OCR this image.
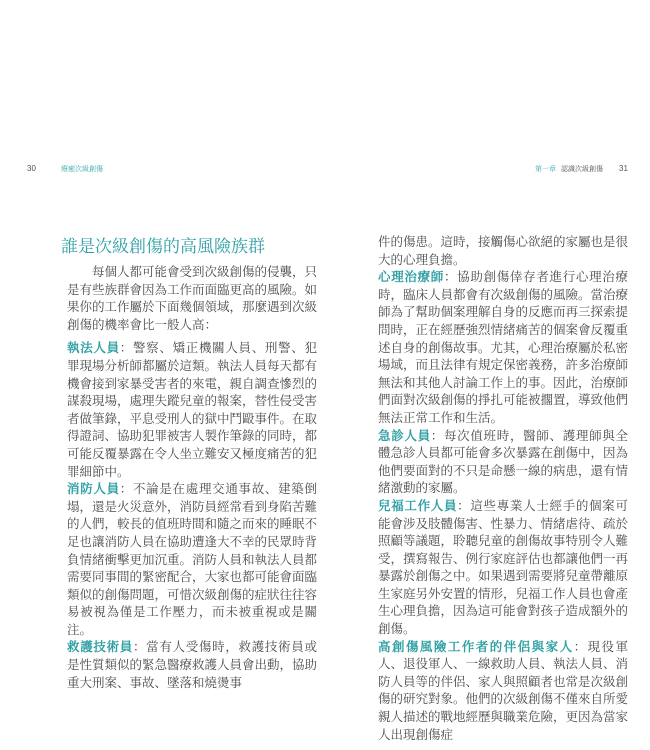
30	療癒次級創傷
誰是次級創傷的高風險族群

每個人都可能會受到次級創傷的侵襲，只是有些族群會因為工作而面臨更高的風險。如果你的工作屬於下面幾個領域，那麼遇到次級創傷的機率會比一般人高：

執法人員：警察、矯正機關人員、刑警、犯罪現場分析師都屬於這類。執法人員每天都有機會接到家暴受害者的來電，親自調查慘烈的謀殺現場，處理失蹤兒童的報案，替性侵受害者做筆錄，平息受刑人的獄中鬥毆事件。在取得證詞、協助犯罪被害人製作筆錄的同時，都可能反覆暴露在令人坐立難安又極度痛苦的犯罪細節中。

消防人員：不論是在處理交通事故、建築倒塌，還是火災意外，消防員經常看到身陷苦難的人們，較長的值班時間和隨之而來的睡眠不足也讓消防人員在協助遭逢大不幸的民眾時背負情緒衝擊更加沉重。消防人員和執法人員都需要同事間的緊密配合，大家也都可能會面臨類似的創傷問題，可惜次級創傷的症狀往往容易被視為僅是工作壓力，而未被重視或是關注。

救護技術員：當有人受傷時，救護技術員或是性質類似的緊急醫療救護人員會出動，協助重大刑案、事故、墜落和燒燙事

第一章 認識次級創傷 31

件的傷患。這時，接觸傷心欲絕的家屬也是很大的心理負擔。

心理治療師：協助創傷倖存者進行心理治療時，臨床人員都會有次級創傷的風險。當治療師為了幫助個案理解自身的反應而再三探索提問時，正在經歷強烈情緒痛苦的個案會反覆重述自身的創傷故事。尤其，心理治療屬於私密場域，而且法律有規定保密義務，許多治療師無法和其他人討論工作上的事。因此，治療師們面對次級創傷的掙扎可能被擱置，導致他們無法正常工作和生活。

急診人員：每次值班時，醫師、護理師與全體急診人員都可能會多次暴露在創傷中，因為他們要面對的不只是命懸一線的病患，還有情緒激動的家屬。

兒福工作人員：這些專業人士經手的個案可能會涉及肢體傷害、性暴力、情緒虐待、疏於照顧等議題，聆聽兒童的創傷故事特別令人難受，撰寫報告、例行家庭評估也都讓他們一再暴露於創傷之中。如果遇到需要將兒童帶離原生家庭另外安置的情形，兒福工作人員也會產生心理負擔，因為這可能會對孩子造成額外的創傷。

高創傷風險工作者的伴侶與家人：現役軍人、退役軍人、一線救助人員、執法人員、消防人員等的伴侶、家人與照顧者也常是次級創傷的研究對象。他們的次級創傷不僅來自所愛親人描述的戰地經歷與職業危險，更因為當家人出現創傷症
